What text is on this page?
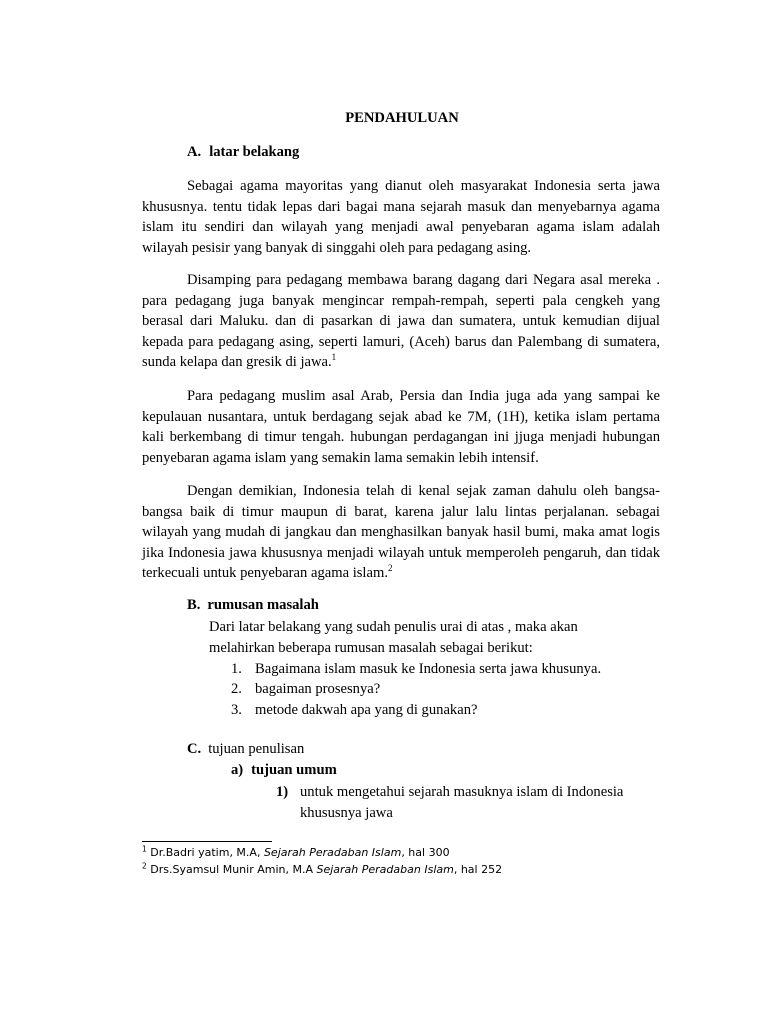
PENDAHULUAN
A. latar belakang
Sebagai agama mayoritas yang dianut oleh masyarakat Indonesia serta jawa khususnya. tentu tidak lepas dari bagai mana sejarah masuk dan menyebarnya agama islam itu sendiri dan wilayah yang menjadi awal penyebaran agama islam adalah wilayah pesisir yang banyak di singgahi oleh para pedagang asing.
Disamping para pedagang membawa barang dagang dari Negara asal mereka . para pedagang juga banyak mengincar rempah-rempah, seperti pala cengkeh yang berasal dari Maluku. dan di pasarkan di jawa dan sumatera, untuk kemudian dijual kepada para pedagang asing, seperti lamuri, (Aceh) barus dan Palembang di sumatera, sunda kelapa dan gresik di jawa.$^1$
Para pedagang muslim asal Arab, Persia dan India juga ada yang sampai ke kepulauan nusantara, untuk berdagang sejak abad ke 7M, (1H), ketika islam pertama kali berkembang di timur tengah. hubungan perdagangan ini jjuga menjadi hubungan penyebaran agama islam yang semakin lama semakin lebih intensif.
Dengan demikian, Indonesia telah di kenal sejak zaman dahulu oleh bangsa-bangsa baik di timur maupun di barat, karena jalur lalu lintas perjalanan. sebagai wilayah yang mudah di jangkau dan menghasilkan banyak hasil bumi, maka amat logis jika Indonesia jawa khususnya menjadi wilayah untuk memperoleh pengaruh, dan tidak terkecuali untuk penyebaran agama islam.$^2$
B. rumusan masalah
Dari latar belakang yang sudah penulis urai di atas , maka akan
melahirkan beberapa rumusan masalah sebagai berikut:
1. Bagaimana islam masuk ke Indonesia serta jawa khusunya.
2. bagaiman prosesnya?
3. metode dakwah apa yang di gunakan?
C. tujuan penulisan
a) tujuan umum
1) untuk mengetahui sejarah masuknya islam di Indonesia
khususnya jawa
$^1$ Dr.Badri yatim, M.A, Sejarah Peradaban Islam, hal 300
$^2$ Drs.Syamsul Munir Amin, M.A Sejarah Peradaban Islam, hal 252
